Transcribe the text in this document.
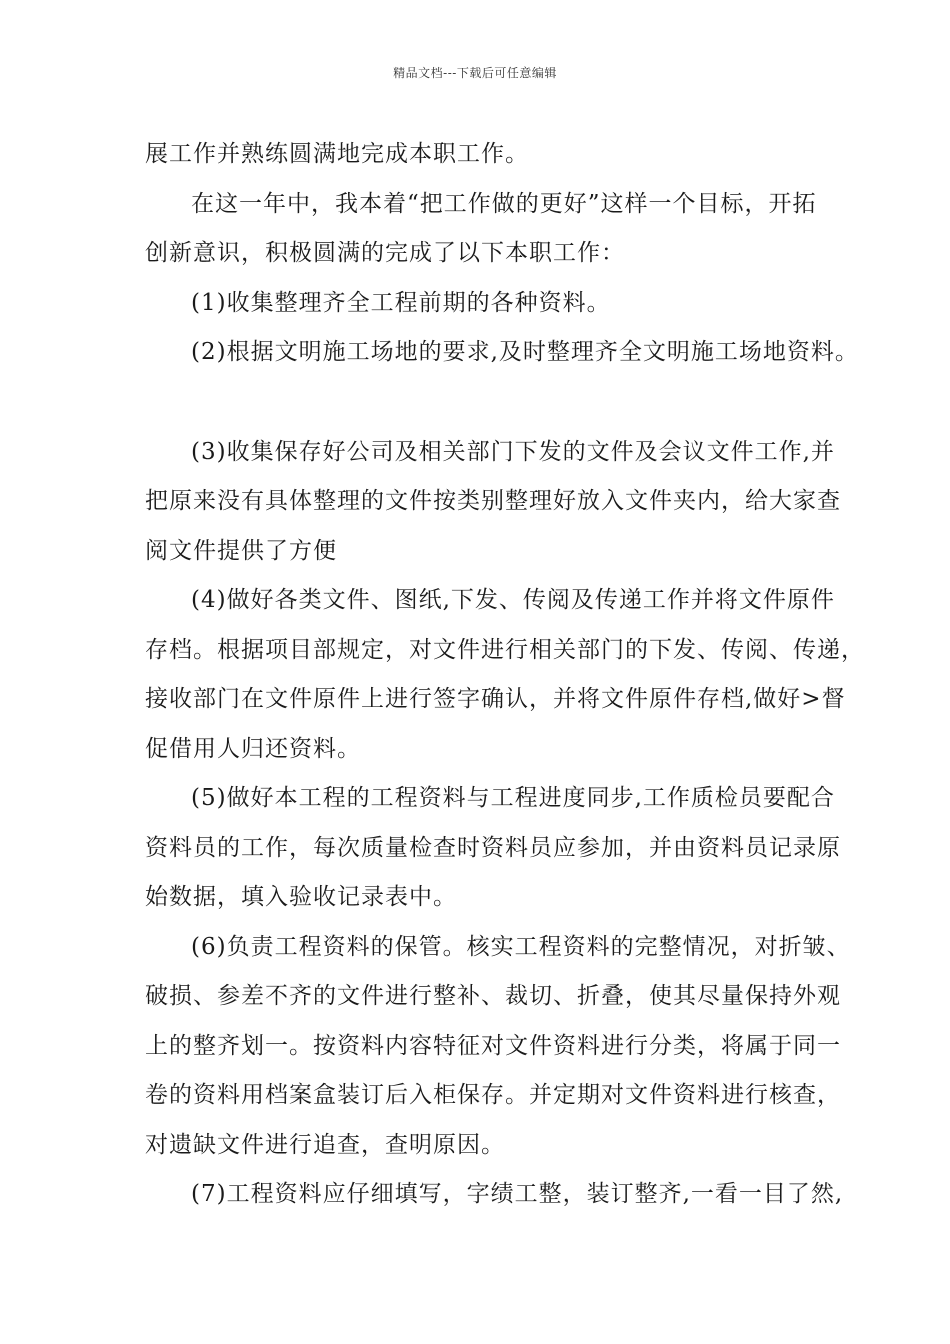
精品文档---下载后可任意编辑
展工作并熟练圆满地完成本职工作。
在这一年中，我本着“把工作做的更好”这样一个目标，开拓
创新意识，积极圆满的完成了以下本职工作：
(1)收集整理齐全工程前期的各种资料。
(2)根据文明施工场地的要求,及时整理齐全文明施工场地资料。
(3)收集保存好公司及相关部门下发的文件及会议文件工作,并
把原来没有具体整理的文件按类别整理好放入文件夹内，给大家查
阅文件提供了方便
(4)做好各类文件、图纸,下发、传阅及传递工作并将文件原件
存档。根据项目部规定，对文件进行相关部门的下发、传阅、传递，
接收部门在文件原件上进行签字确认，并将文件原件存档,做好>督
促借用人归还资料。
(5)做好本工程的工程资料与工程进度同步,工作质检员要配合
资料员的工作，每次质量检查时资料员应参加，并由资料员记录原
始数据，填入验收记录表中。
(6)负责工程资料的保管。核实工程资料的完整情况，对折皱、
破损、参差不齐的文件进行整补、裁切、折叠，使其尽量保持外观
上的整齐划一。按资料内容特征对文件资料进行分类，将属于同一
卷的资料用档案盒装订后入柜保存。并定期对文件资料进行核查，
对遗缺文件进行追查，查明原因。
(7)工程资料应仔细填写，字绩工整，装订整齐,一看一目了然,
